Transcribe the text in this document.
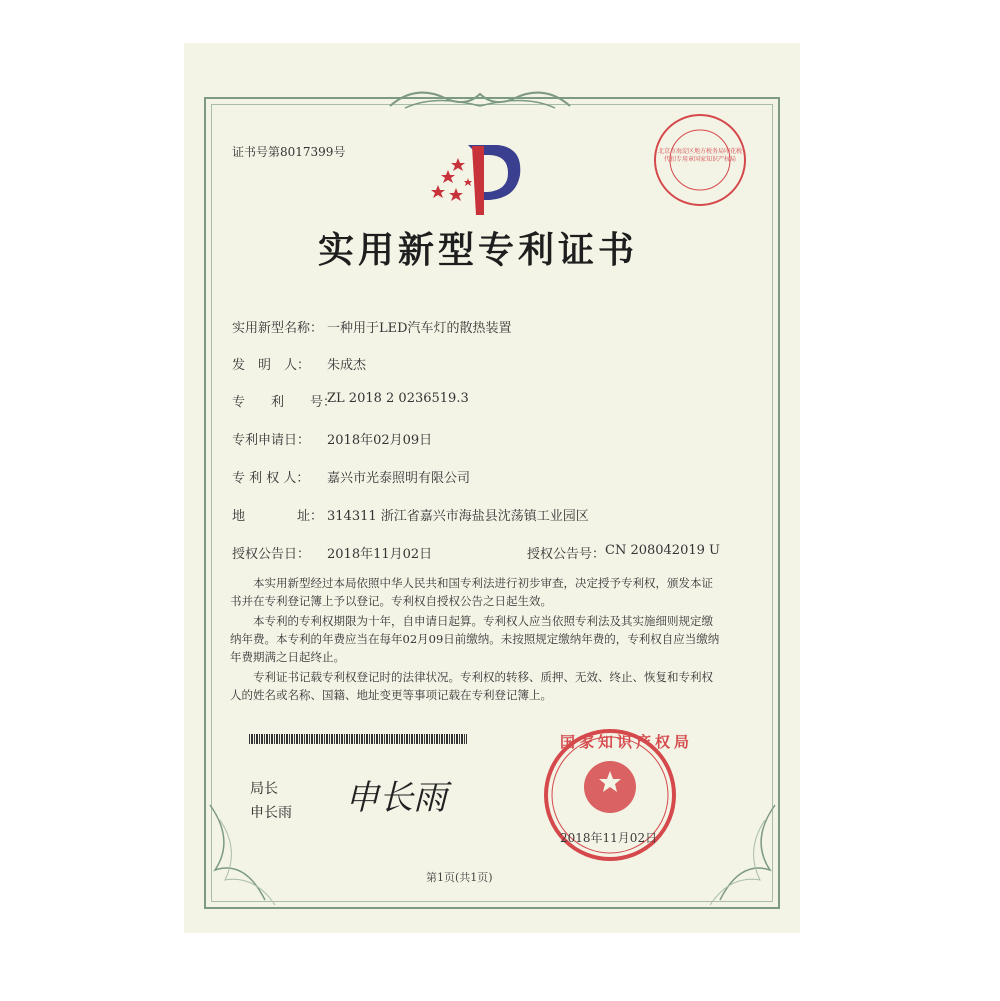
证书号第8017399号	北京市海淀区地方税务局印花税代扣专用章国家知识产权局
实用新型专利证书
实用新型名称： 一种用于LED汽车灯的散热装置
发　明　人： 朱成杰
专　　利　　号：
ZL 2018 2 0236519.3
专利申请日： 2018年02月09日
专 利 权 人： 嘉兴市光泰照明有限公司
地　　　　址： 314311 浙江省嘉兴市海盐县沈荡镇工业园区
授权公告日： 2018年11月02日	授权公告号： CN 208042019 U
本实用新型经过本局依照中华人民共和国专利法进行初步审查，决定授予专利权，颁发本证书并在专利登记簿上予以登记。专利权自授权公告之日起生效。
本专利的专利权期限为十年，自申请日起算。专利权人应当依照专利法及其实施细则规定缴纳年费。本专利的年费应当在每年02月09日前缴纳。未按照规定缴纳年费的，专利权自应当缴纳年费期满之日起终止。
专利证书记载专利权登记时的法律状况。专利权的转移、质押、无效、终止、恢复和专利权人的姓名或名称、国籍、地址变更等事项记载在专利登记簿上。
局长
申长雨 申长雨
国家知识产权局
2018年11月02日
第1页(共1页)
